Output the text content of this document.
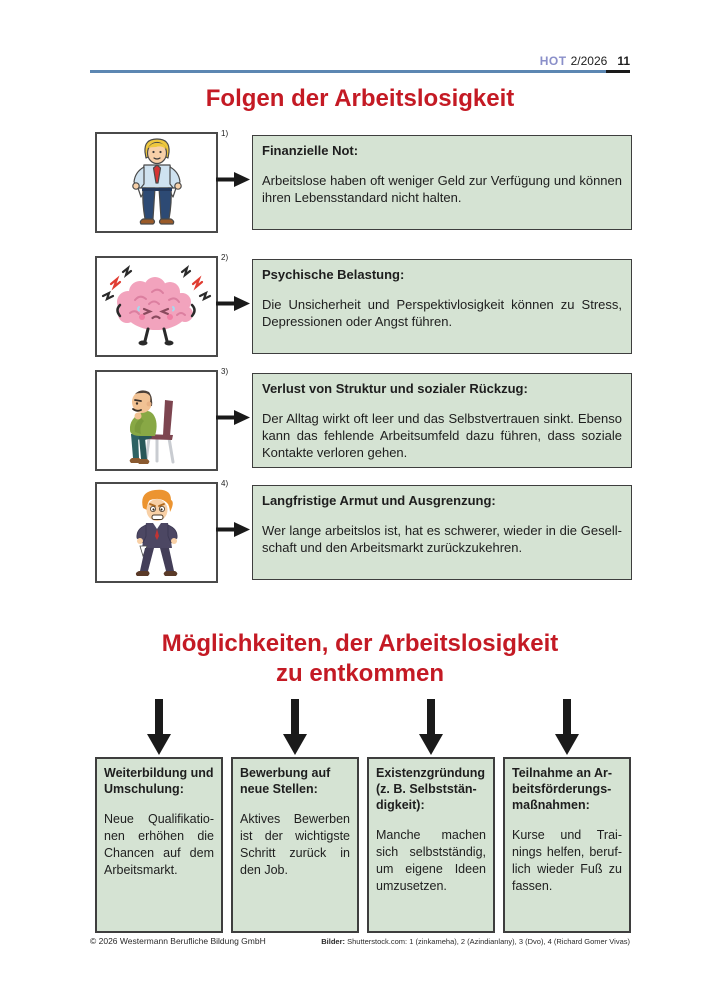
HOT 2/2026 11
Folgen der Arbeitslosigkeit
1)
Finanzielle Not:

Arbeitslose haben oft weniger Geld zur Verfügung und können ihren Lebensstandard nicht halten.

2)
Psychische Belastung:

Die Unsicherheit und Perspektivlosigkeit können zu Stress, Depressionen oder Angst führen.

3)
Verlust von Struktur und sozialer Rückzug:

Der Alltag wirkt oft leer und das Selbstvertrauen sinkt. Ebenso kann das fehlende Arbeitsumfeld dazu führen, dass soziale Kontakte verloren gehen.

4)
Langfristige Armut und Ausgrenzung:

Wer lange arbeitslos ist, hat es schwerer, wieder in die Gesellschaft und den Arbeitsmarkt zurückzukehren.

Möglichkeiten, der Arbeitslosigkeit
zu entkommen
Weiterbildung und Umschulung:

Neue Qualifikationen erhöhen die Chancen auf dem Arbeitsmarkt.

Bewerbung auf neue Stellen:

Aktives Bewerben ist der wichtigste Schritt zurück in den Job.

Existenzgründung (z. B. Selbstständigkeit):

Manche machen sich selbstständig, um eigene Ideen umzusetzen.

Teilnahme an Arbeitsförderungsmaßnahmen:

Kurse und Trainings helfen, beruflich wieder Fuß zu fassen.

© 2026 Westermann Berufliche Bildung GmbH	Bilder: Shutterstock.com: 1 (zinkameha), 2 (Azindianlany), 3 (Dvo), 4 (Richard Gomer Vivas)
